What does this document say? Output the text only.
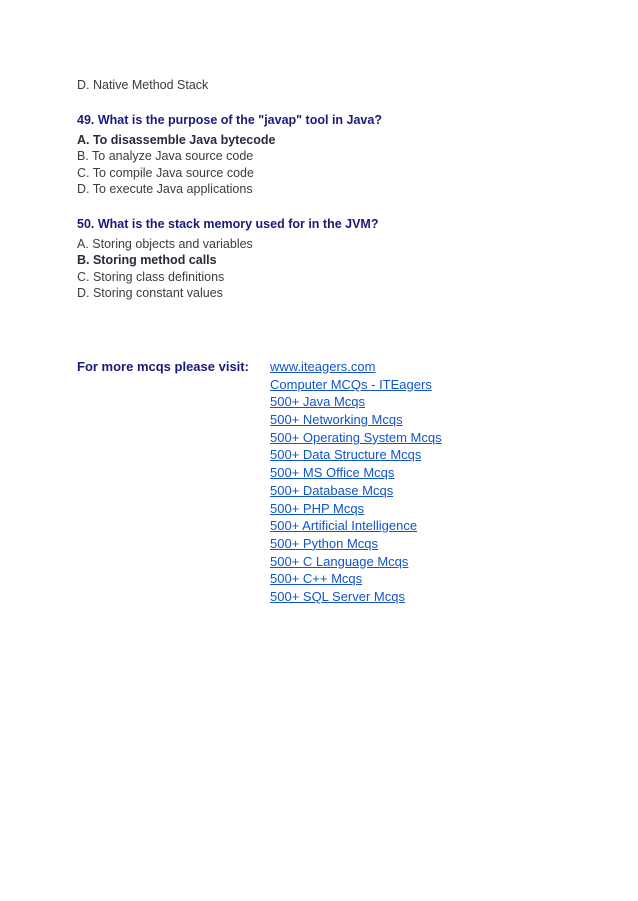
D. Native Method Stack
49. What is the purpose of the "javap" tool in Java?
A. To disassemble Java bytecode
B. To analyze Java source code
C. To compile Java source code
D. To execute Java applications
50. What is the stack memory used for in the JVM?
A. Storing objects and variables
B. Storing method calls
C. Storing class definitions
D. Storing constant values
For more mcqs please visit: www.iteagers.com
Computer MCQs - ITEagers
500+ Java Mcqs
500+ Networking Mcqs
500+ Operating System Mcqs
500+ Data Structure Mcqs
500+ MS Office Mcqs
500+ Database Mcqs
500+ PHP Mcqs
500+ Artificial Intelligence
500+ Python Mcqs
500+ C Language Mcqs
500+ C++ Mcqs
500+ SQL Server Mcqs
